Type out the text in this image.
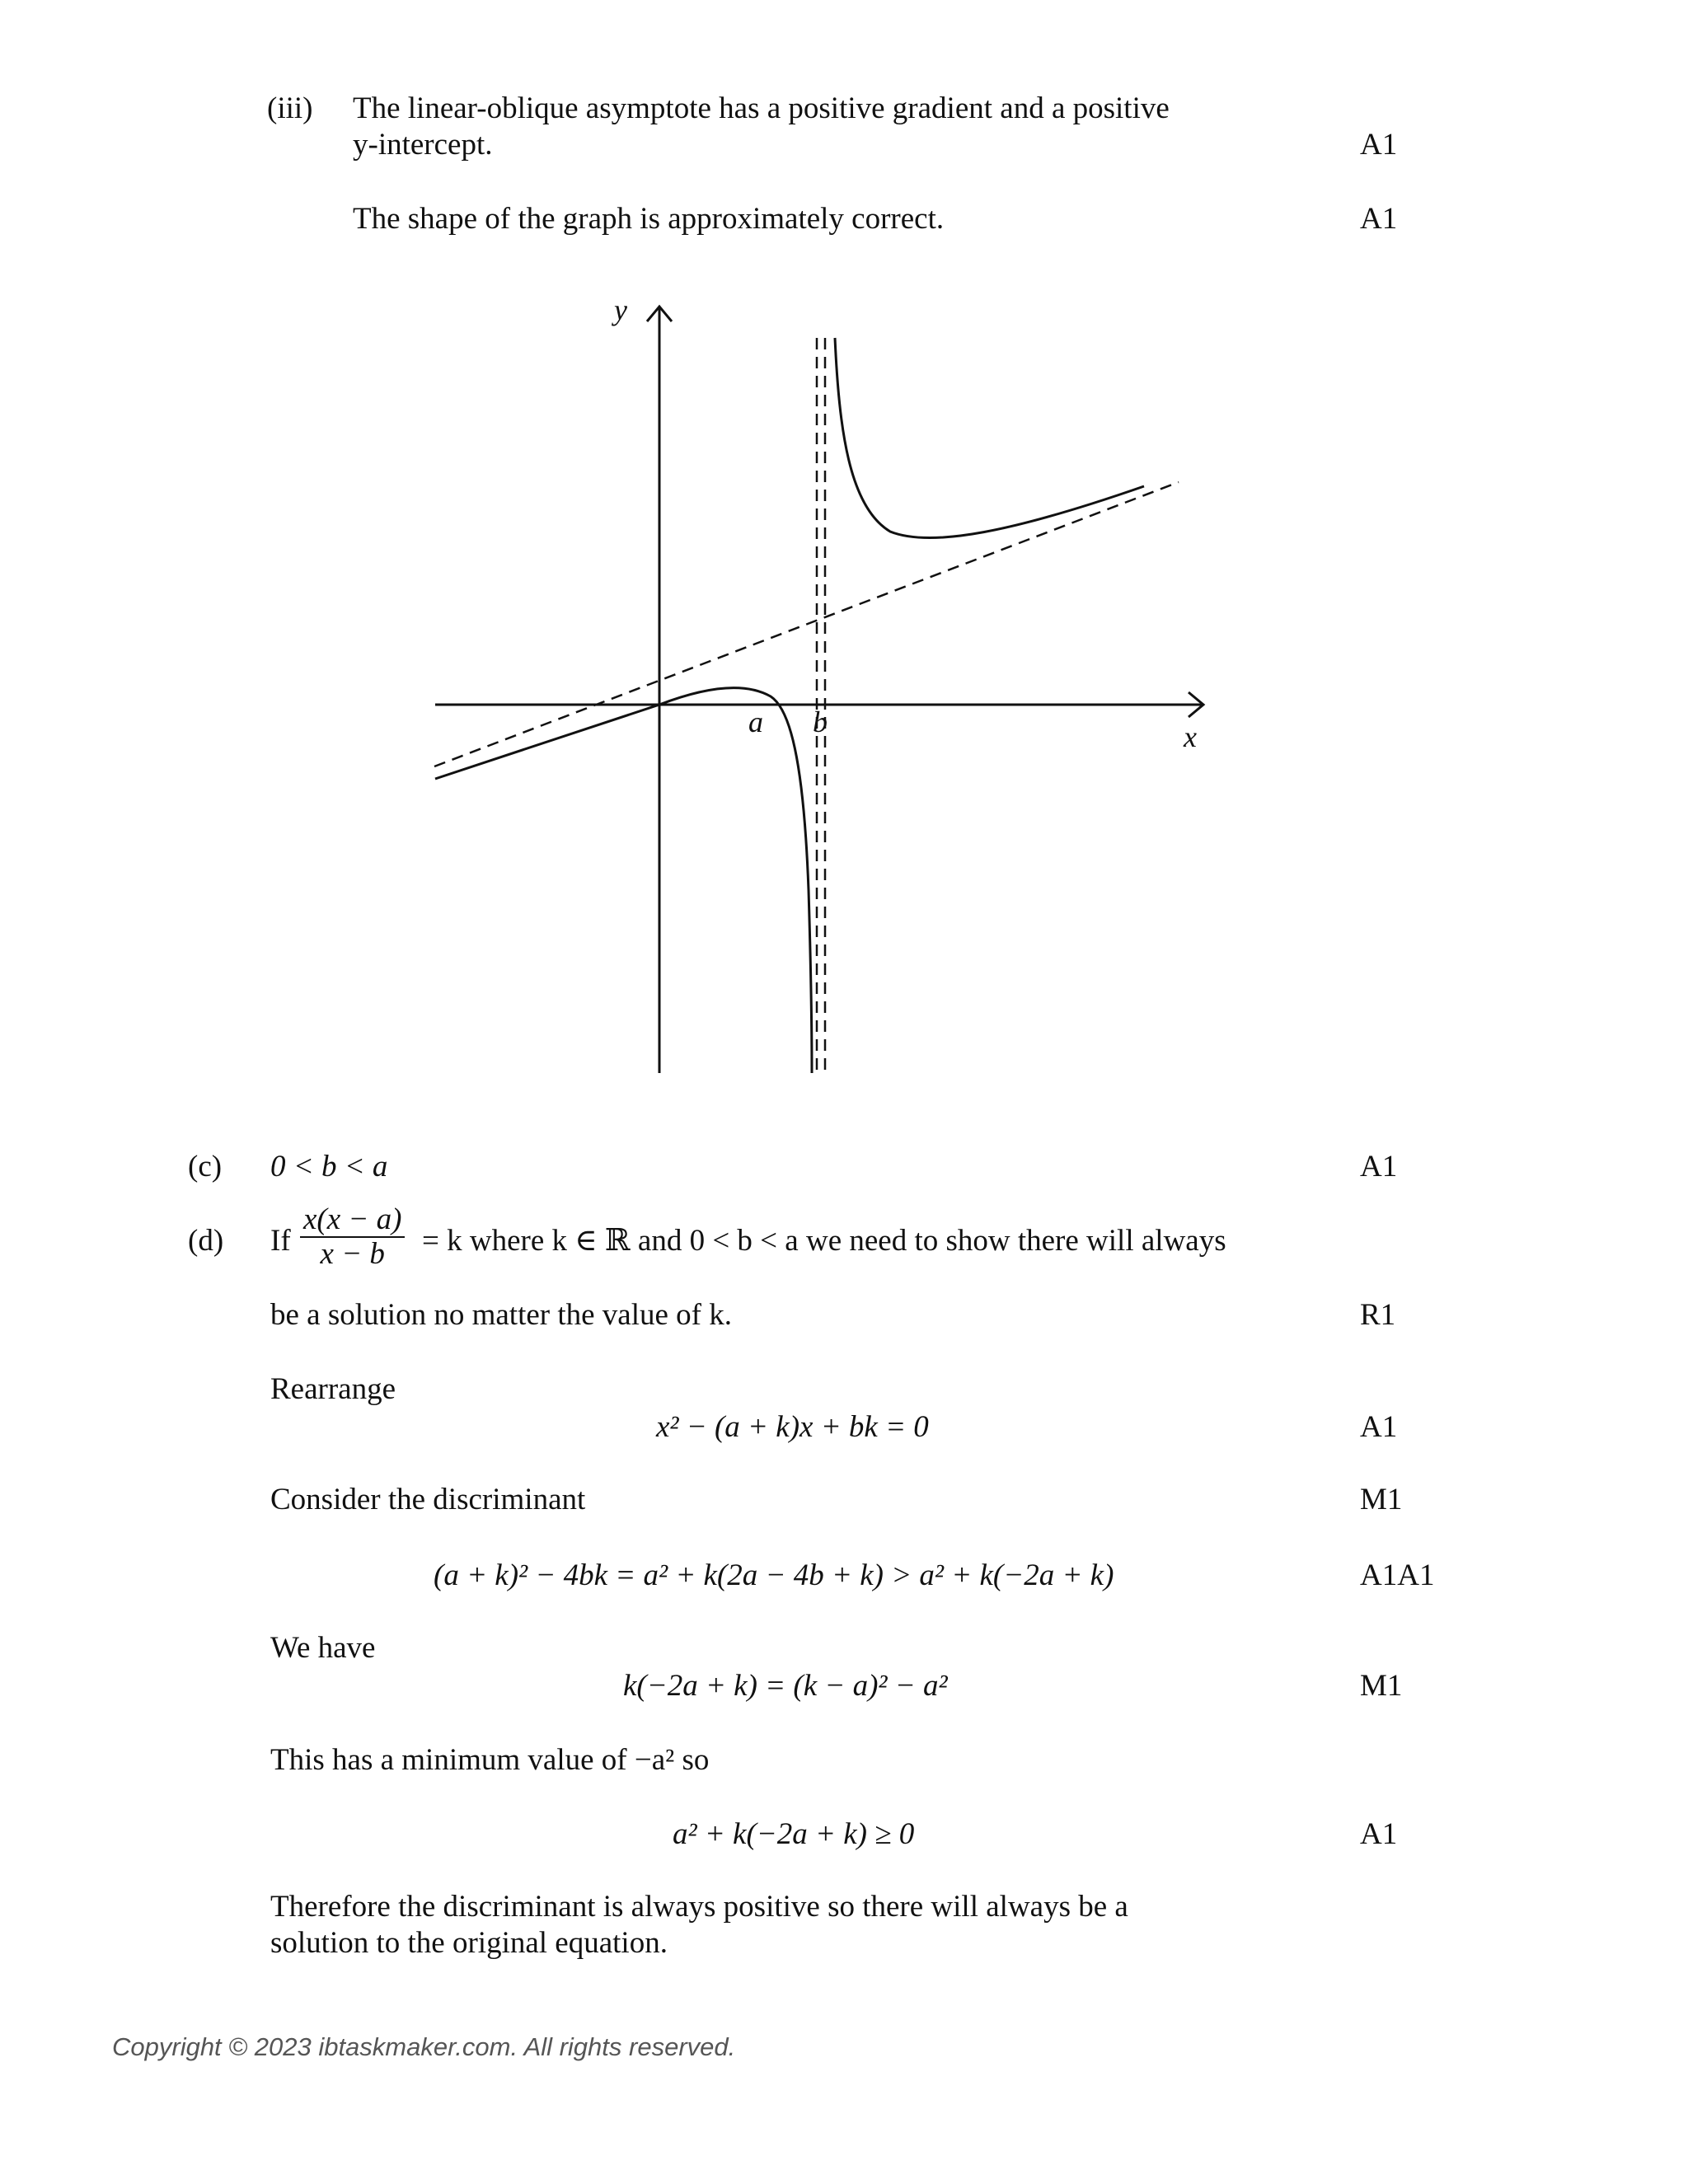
(iii) The linear-oblique asymptote has a positive gradient and a positive
y-intercept.	A1
The shape of the graph is approximately correct.	A1
y
x
a b
(c) 0 < b < a	A1
(d) If $\frac{x(x - a)}{x - b} = k$ where k ∈ ℝ and 0 < b < a we need to show there will always
be a solution no matter the value of k.	R1
Rearrange
x² − (a + k)x + bk = 0	A1
Consider the discriminant	M1
(a + k)² − 4bk = a² + k(2a − 4b + k) > a² + k(−2a + k)	A1A1
We have
k(−2a + k) = (k − a)² − a²	M1
This has a minimum value of −a² so
a² + k(−2a + k) ≥ 0	A1
Therefore the discriminant is always positive so there will always be a
solution to the original equation.
Copyright © 2023 ibtaskmaker.com. All rights reserved.
